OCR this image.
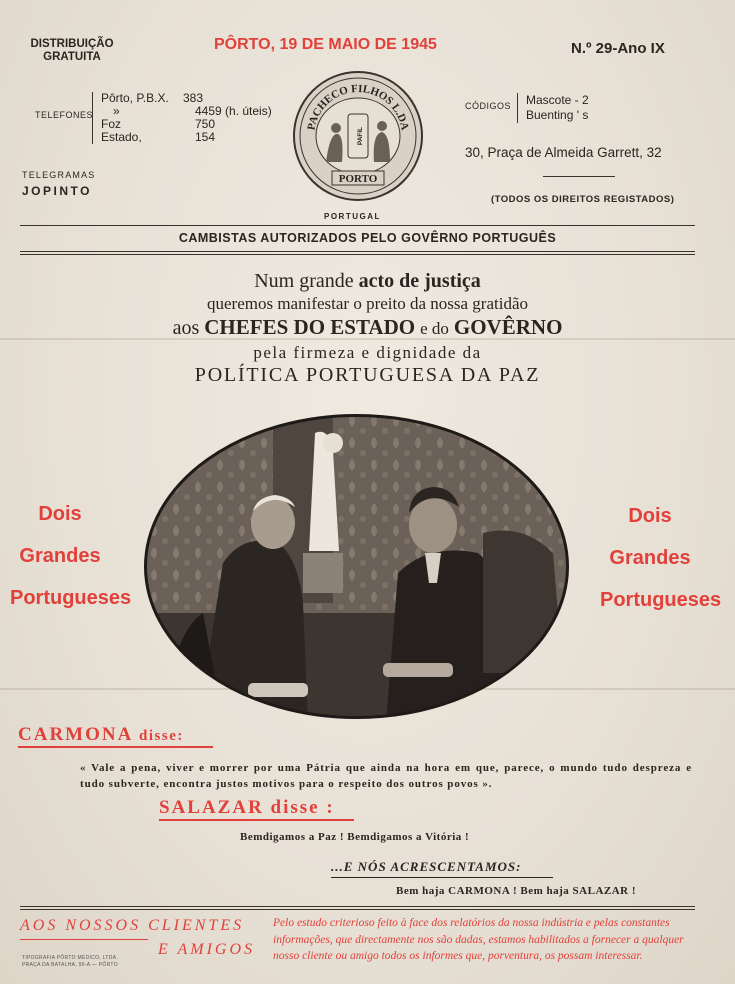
DISTRIBUIÇÃO
GRATUITA
PÔRTO, 19 DE MAIO DE 1945	N.º 29-Ano IX
TELEFONES
Pôrto, P.B.X.	383
»	4459 (h. úteis)
Foz	750
Estado,	154
CÓDIGOS Mascote - 2
Buenting ' s
30, Praça de Almeida Garrett, 32
TELEGRAMAS
JOPINTO
(TODOS OS DIREITOS REGISTADOS)
PACHECO FILHOS L.DA
PAFIL
PORTO
PORTUGAL
CAMBISTAS AUTORIZADOS PELO GOVÊRNO PORTUGUÊS
Num grande acto de justiça
queremos manifestar o preito da nossa gratidão
aos CHEFES DO ESTADO e do GOVÊRNO
pela firmeza e dignidade da
POLÍTICA PORTUGUESA DA PAZ
Dois
Grandes
Portugueses
Dois
Grandes
Portugueses
CARMONA disse:
« Vale a pena, viver e morrer por uma Pátria que ainda na hora em que, parece, o mundo tudo despreza e tudo subverte, encontra justos motivos para o respeito dos outros povos ».
SALAZAR disse :
Bemdigamos a Paz ! Bemdigamos a Vitória !
...E NÓS ACRESCENTAMOS:
Bem haja CARMONA ! Bem haja SALAZAR !
AOS NOSSOS CLIENTES
E AMIGOS
Pelo estudo criterioso feito à face dos relatórios da nossa indústria e pelas constantes informações, que directamente nos são dadas, estamos habilitados a fornecer a qualquer nosso cliente ou amigo todos os informes que, porventura, os possam interessar.
TIPOGRAFIA PÔRTO MÉDICO, LTDA.
PRAÇA DA BATALHA, 96-A — PÔRTO
